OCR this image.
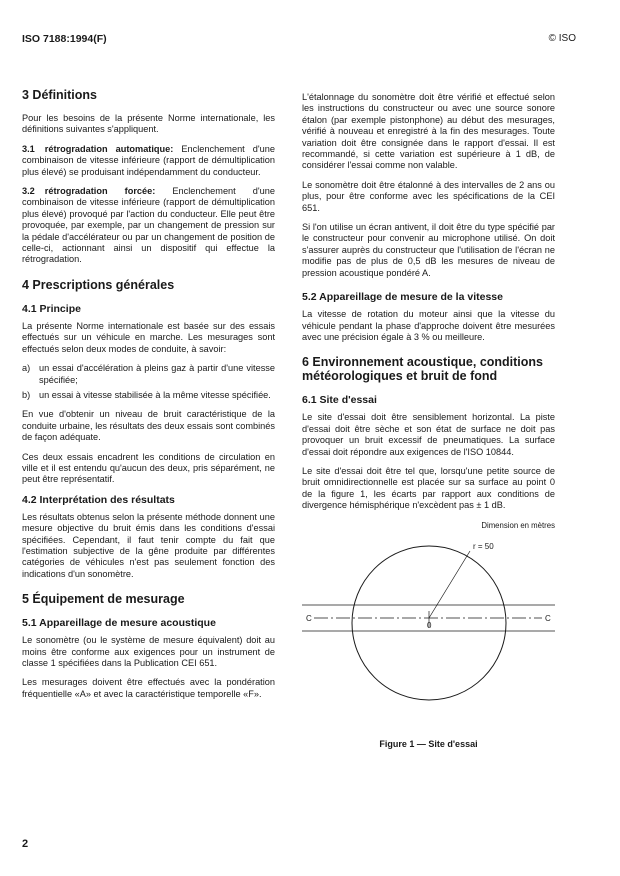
ISO 7188:1994(F)	© ISO
3 Définitions

Pour les besoins de la présente Norme internationale, les définitions suivantes s'appliquent.

3.1 rétrogradation automatique: Enclenchement d'une combinaison de vitesse inférieure (rapport de démultiplication plus élevé) se produisant indépendamment du conducteur.

3.2 rétrogradation forcée: Enclenchement d'une combinaison de vitesse inférieure (rapport de démultiplication plus élevé) provoqué par l'action du conducteur. Elle peut être provoquée, par exemple, par un changement de pression sur la pédale d'accélérateur ou par un changement de position de celle-ci, actionnant ainsi un dispositif qui effectue la rétrogradation.

4 Prescriptions générales
4.1 Principe

La présente Norme internationale est basée sur des essais effectués sur un véhicule en marche. Les mesurages sont effectués selon deux modes de conduite, à savoir:

a) un essai d'accélération à pleins gaz à partir d'une vitesse spécifiée;
b) un essai à vitesse stabilisée à la même vitesse spécifiée.

En vue d'obtenir un niveau de bruit caractéristique de la conduite urbaine, les résultats des deux essais sont combinés de façon adéquate.

Ces deux essais encadrent les conditions de circulation en ville et il est entendu qu'aucun des deux, pris séparément, ne peut être représentatif.

4.2 Interprétation des résultats

Les résultats obtenus selon la présente méthode donnent une mesure objective du bruit émis dans les conditions d'essai spécifiées. Cependant, il faut tenir compte du fait que l'estimation subjective de la gêne produite par différentes catégories de véhicules n'est pas seulement fonction des indications d'un sonomètre.

5 Équipement de mesurage
5.1 Appareillage de mesure acoustique

Le sonomètre (ou le système de mesure équivalent) doit au moins être conforme aux exigences pour un instrument de classe 1 spécifiées dans la Publication CEI 651.

Les mesurages doivent être effectués avec la pondération fréquentielle «A» et avec la caractéristique temporelle «F».

L'étalonnage du sonomètre doit être vérifié et effectué selon les instructions du constructeur ou avec une source sonore étalon (par exemple pistonphone) au début des mesurages, vérifié à nouveau et enregistré à la fin des mesurages. Toute variation doit être consignée dans le rapport d'essai. Il est recommandé, si cette variation est supérieure à 1 dB, de considérer l'essai comme non valable.

Le sonomètre doit être étalonné à des intervalles de 2 ans ou plus, pour être conforme avec les spécifications de la CEI 651.

Si l'on utilise un écran antivent, il doit être du type spécifié par le constructeur pour convenir au microphone utilisé. On doit s'assurer auprès du constructeur que l'utilisation de l'écran ne modifie pas de plus de 0,5 dB les mesures de niveau de pression acoustique pondéré A.

5.2 Appareillage de mesure de la vitesse

La vitesse de rotation du moteur ainsi que la vitesse du véhicule pendant la phase d'approche doivent être mesurées avec une précision égale à 3 % ou meilleure.

6 Environnement acoustique, conditions météorologiques et bruit de fond
6.1 Site d'essai

Le site d'essai doit être sensiblement horizontal. La piste d'essai doit être sèche et son état de surface ne doit pas provoquer un bruit excessif de pneumatiques. La surface d'essai doit répondre aux exigences de l'ISO 10844.

Le site d'essai doit être tel que, lorsqu'une petite source de bruit omnidirectionnelle est placée sur sa surface au point 0 de la figure 1, les écarts par rapport aux conditions de divergence hémisphérique n'excèdent pas ± 1 dB.

Dimension en mètres
r = 50
0
C	C
Figure 1 — Site d'essai
2
